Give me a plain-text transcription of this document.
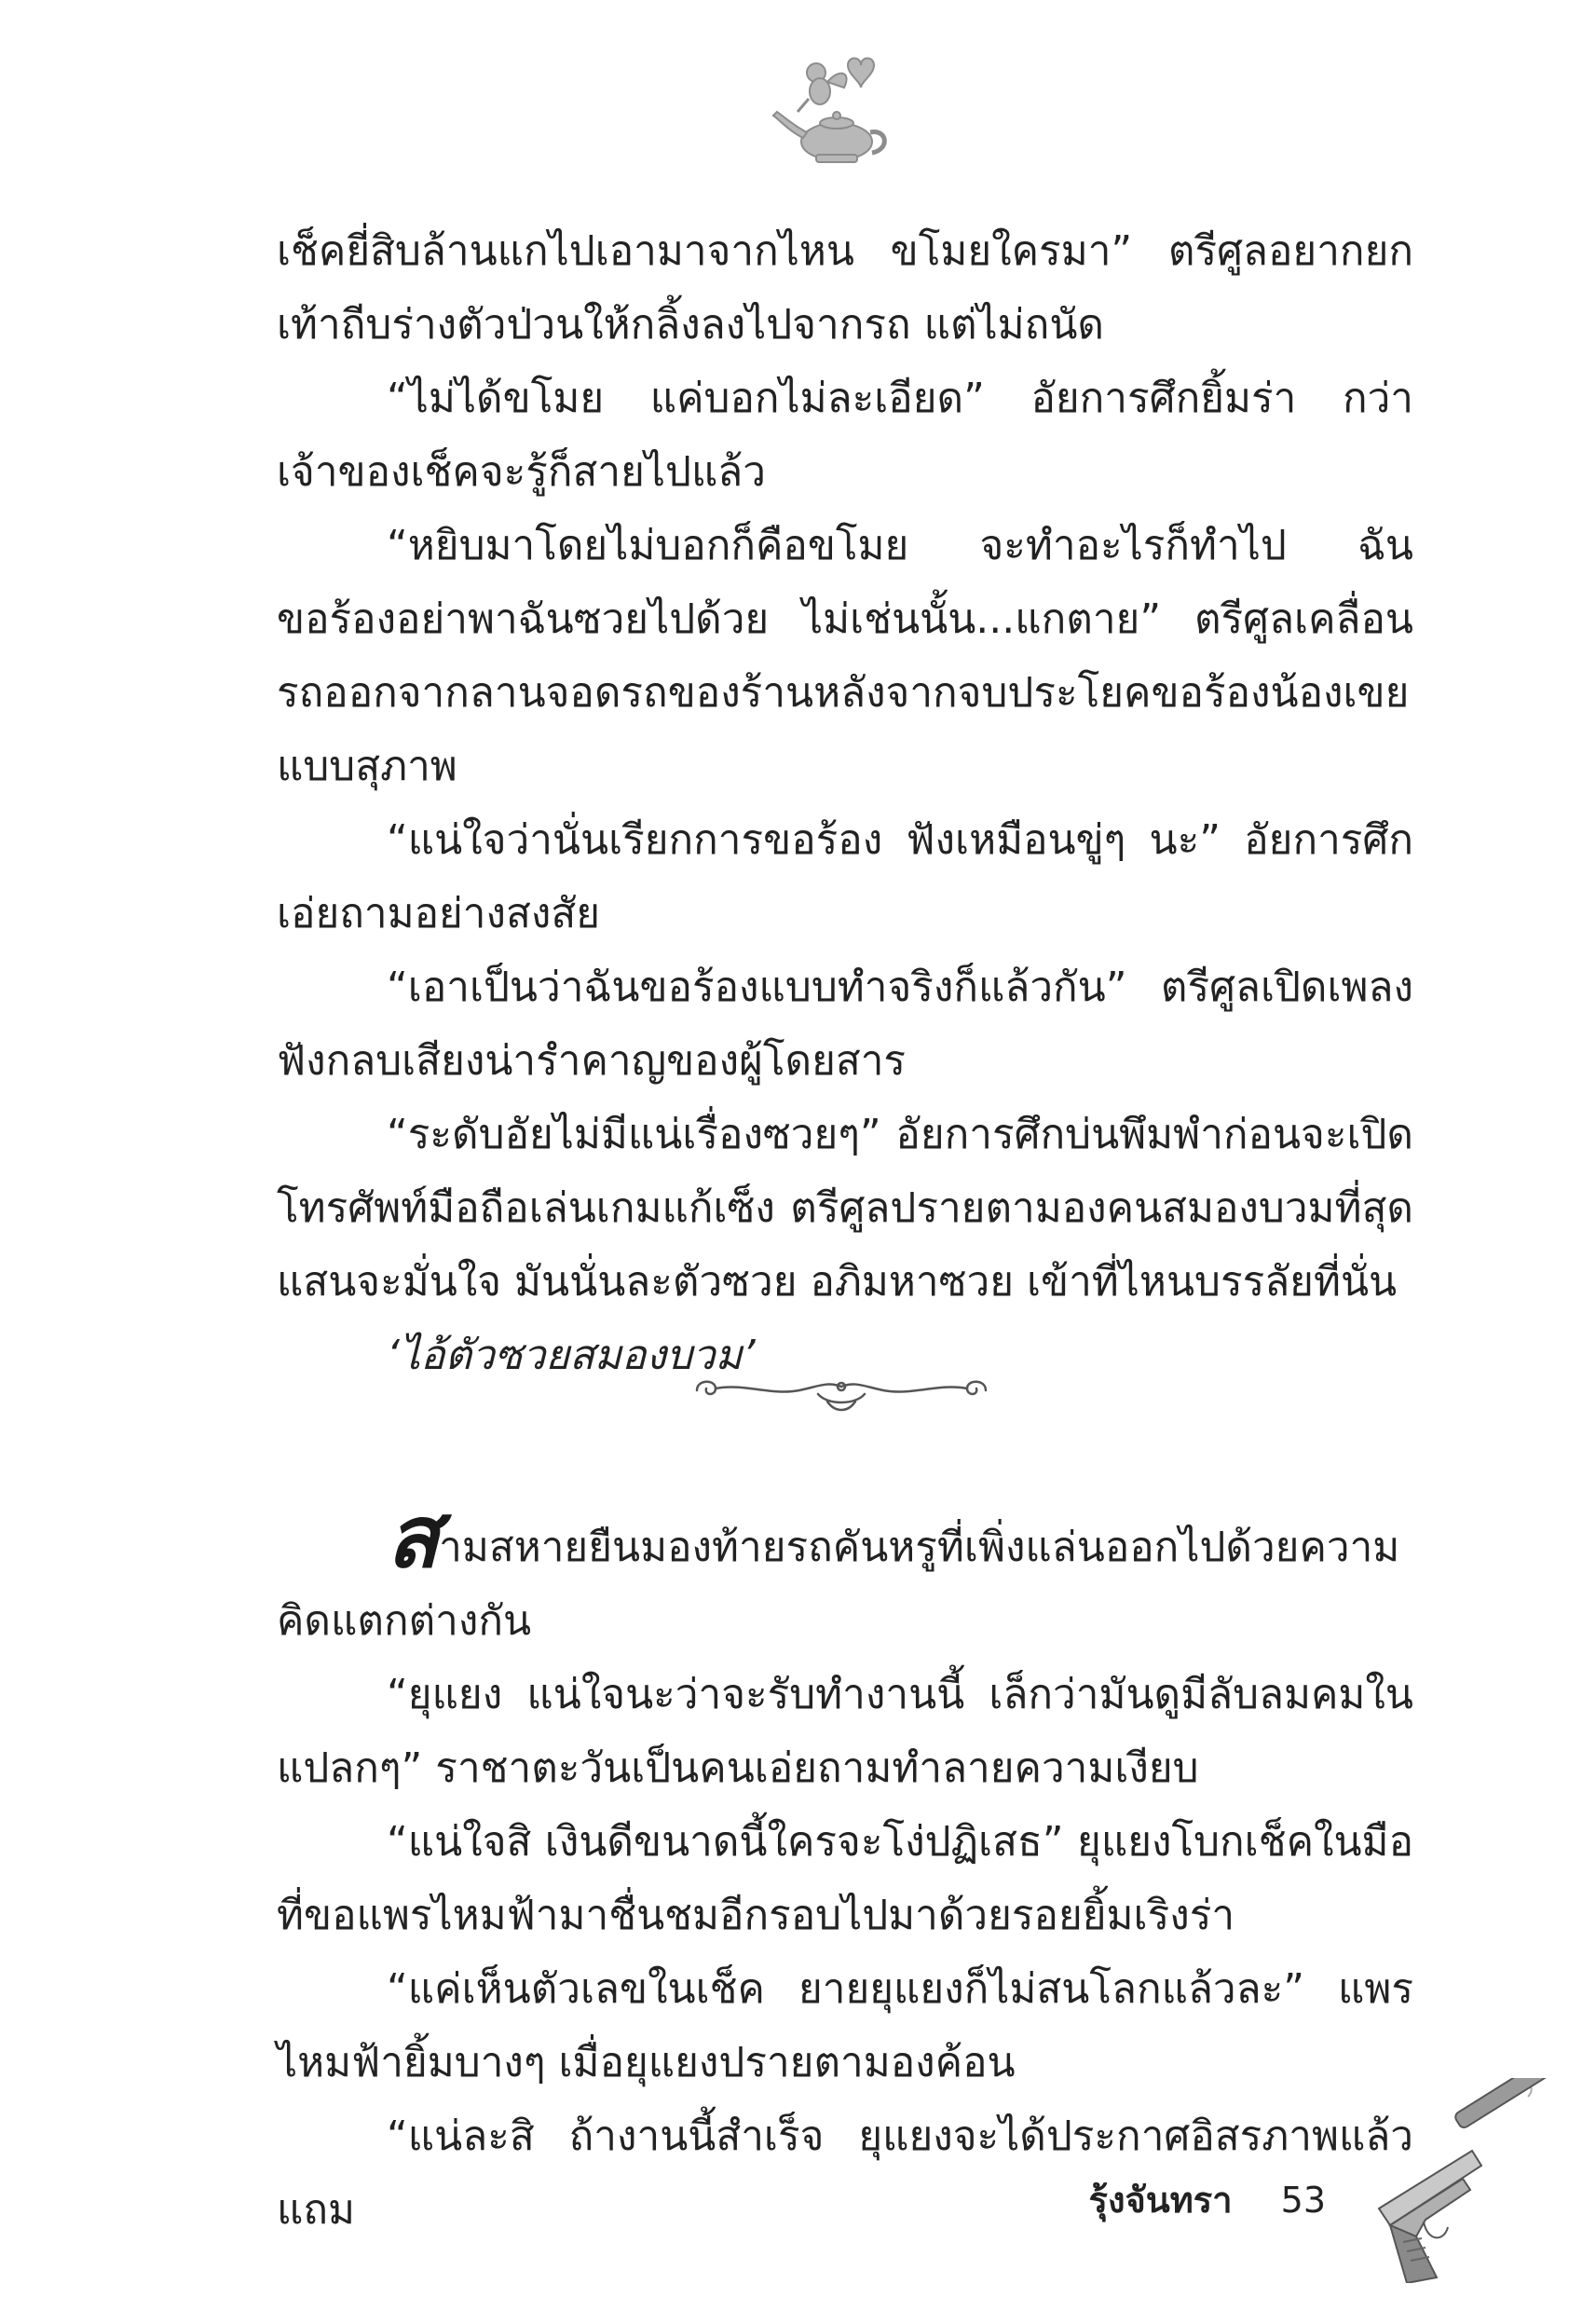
เช็คยี่สิบล้านแกไปเอามาจากไหน ขโมยใครมา” ตรีศูลอยากยกเท้าถีบร่างตัวป่วนให้กลิ้งลงไปจากรถ แต่ไม่ถนัด

“ไม่ได้ขโมย แค่บอกไม่ละเอียด” อัยการศึกยิ้มร่า กว่าเจ้าของเช็คจะรู้ก็สายไปแล้ว

“หยิบมาโดยไม่บอกก็คือขโมย จะทำอะไรก็ทำไป ฉันขอร้องอย่าพาฉันซวยไปด้วย ไม่เช่นนั้น...แกตาย” ตรีศูลเคลื่อนรถออกจากลานจอดรถของร้านหลังจากจบประโยคขอร้องน้องเขยแบบสุภาพ

“แน่ใจว่านั่นเรียกการขอร้อง ฟังเหมือนขู่ๆ นะ” อัยการศึกเอ่ยถามอย่างสงสัย

“เอาเป็นว่าฉันขอร้องแบบทำจริงก็แล้วกัน” ตรีศูลเปิดเพลงฟังกลบเสียงน่ารำคาญของผู้โดยสาร

“ระดับอัยไม่มีแน่เรื่องซวยๆ” อัยการศึกบ่นพึมพำก่อนจะเปิดโทรศัพท์มือถือเล่นเกมแก้เซ็ง ตรีศูลปรายตามองคนสมองบวมที่สุดแสนจะมั่นใจ มันนั่นละตัวซวย อภิมหาซวย เข้าที่ไหนบรรลัยที่นั่น

‘ไอ้ตัวซวยสมองบวม’

สามสหายยืนมองท้ายรถคันหรูที่เพิ่งแล่นออกไปด้วยความคิดแตกต่างกัน

“ยุแยง แน่ใจนะว่าจะรับทำงานนี้ เล็กว่ามันดูมีลับลมคมในแปลกๆ” ราชาตะวันเป็นคนเอ่ยถามทำลายความเงียบ

“แน่ใจสิ เงินดีขนาดนี้ใครจะโง่ปฏิเสธ” ยุแยงโบกเช็คในมือที่ขอแพรไหมฟ้ามาชื่นชมอีกรอบไปมาด้วยรอยยิ้มเริงร่า

“แค่เห็นตัวเลขในเช็ค ยายยุแยงก็ไม่สนโลกแล้วละ” แพรไหมฟ้ายิ้มบางๆ เมื่อยุแยงปรายตามองค้อน

“แน่ละสิ ถ้างานนี้สำเร็จ ยุแยงจะได้ประกาศอิสรภาพแล้ว แถม	รุ้งจันทรา 53
